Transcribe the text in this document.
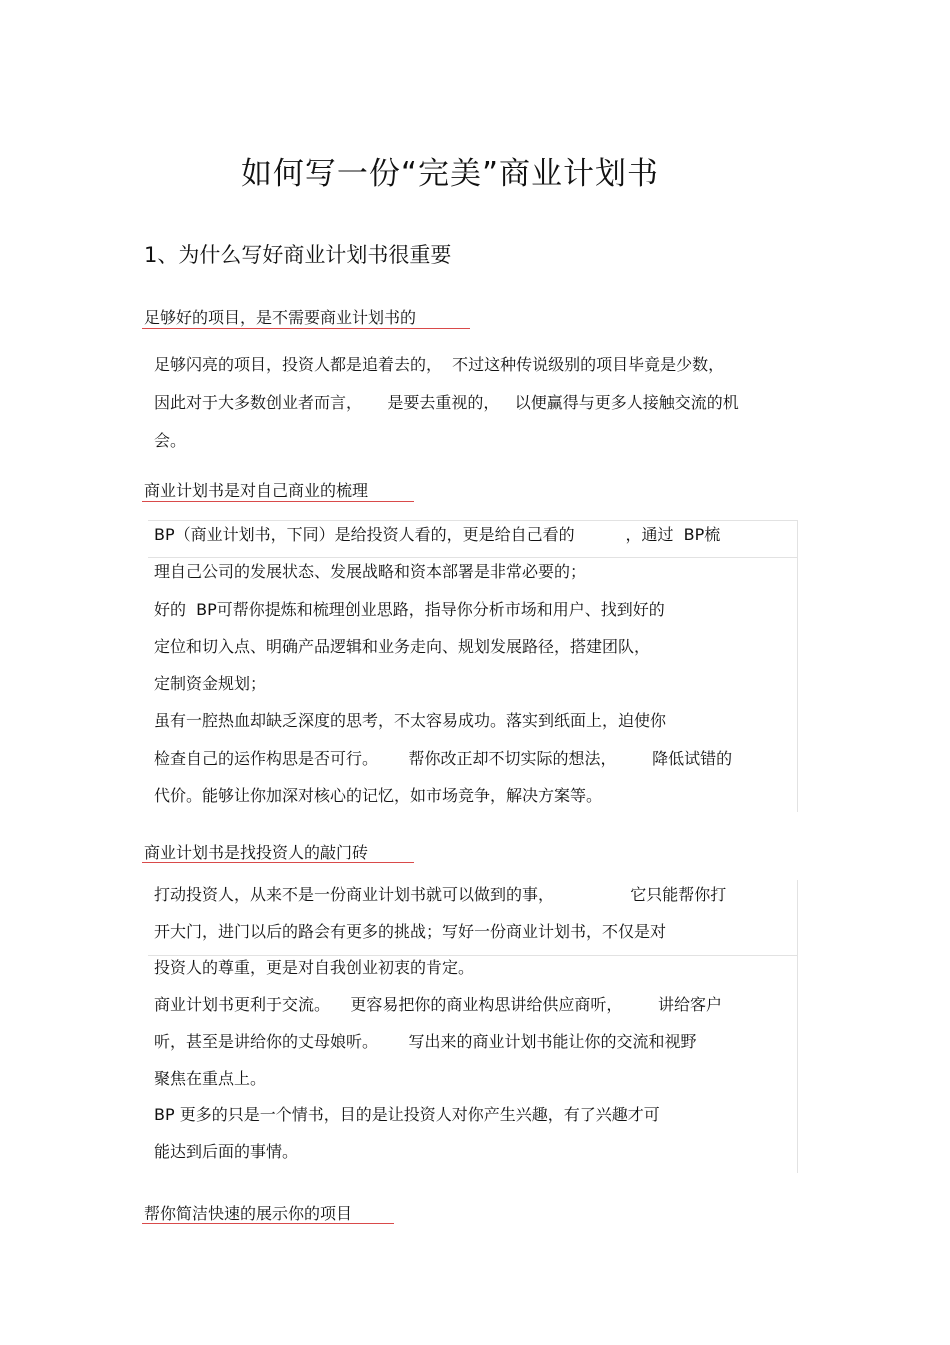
如何写一份“完美”商业计划书
1、为什么写好商业计划书很重要
足够好的项目，是不需要商业计划书的
足够闪亮的项目，投资人都是追着去的，  不过这种传说级别的项目毕竟是少数，
因此对于大多数创业者而言，     是要去重视的，   以便赢得与更多人接触交流的机
会。
商业计划书是对自己商业的梳理
BP（商业计划书，下同）是给投资人看的，更是给自己看的          ，通过  BP梳
理自己公司的发展状态、发展战略和资本部署是非常必要的；
好的  BP可帮你提炼和梳理创业思路，指导你分析市场和用户、找到好的
定位和切入点、明确产品逻辑和业务走向、规划发展路径，搭建团队，
定制资金规划；
虽有一腔热血却缺乏深度的思考，不太容易成功。落实到纸面上，迫使你
检查自己的运作构思是否可行。      帮你改正却不切实际的想法，       降低试错的
代价。能够让你加深对核心的记忆，如市场竞争，解决方案等。
商业计划书是找投资人的敲门砖
打动投资人，从来不是一份商业计划书就可以做到的事，               它只能帮你打
开大门，进门以后的路会有更多的挑战；写好一份商业计划书，不仅是对
投资人的尊重，更是对自我创业初衷的肯定。
商业计划书更利于交流。    更容易把你的商业构思讲给供应商听，       讲给客户
听，甚至是讲给你的丈母娘听。      写出来的商业计划书能让你的交流和视野
聚焦在重点上。
BP 更多的只是一个情书，目的是让投资人对你产生兴趣，有了兴趣才可
能达到后面的事情。
帮你简洁快速的展示你的项目
